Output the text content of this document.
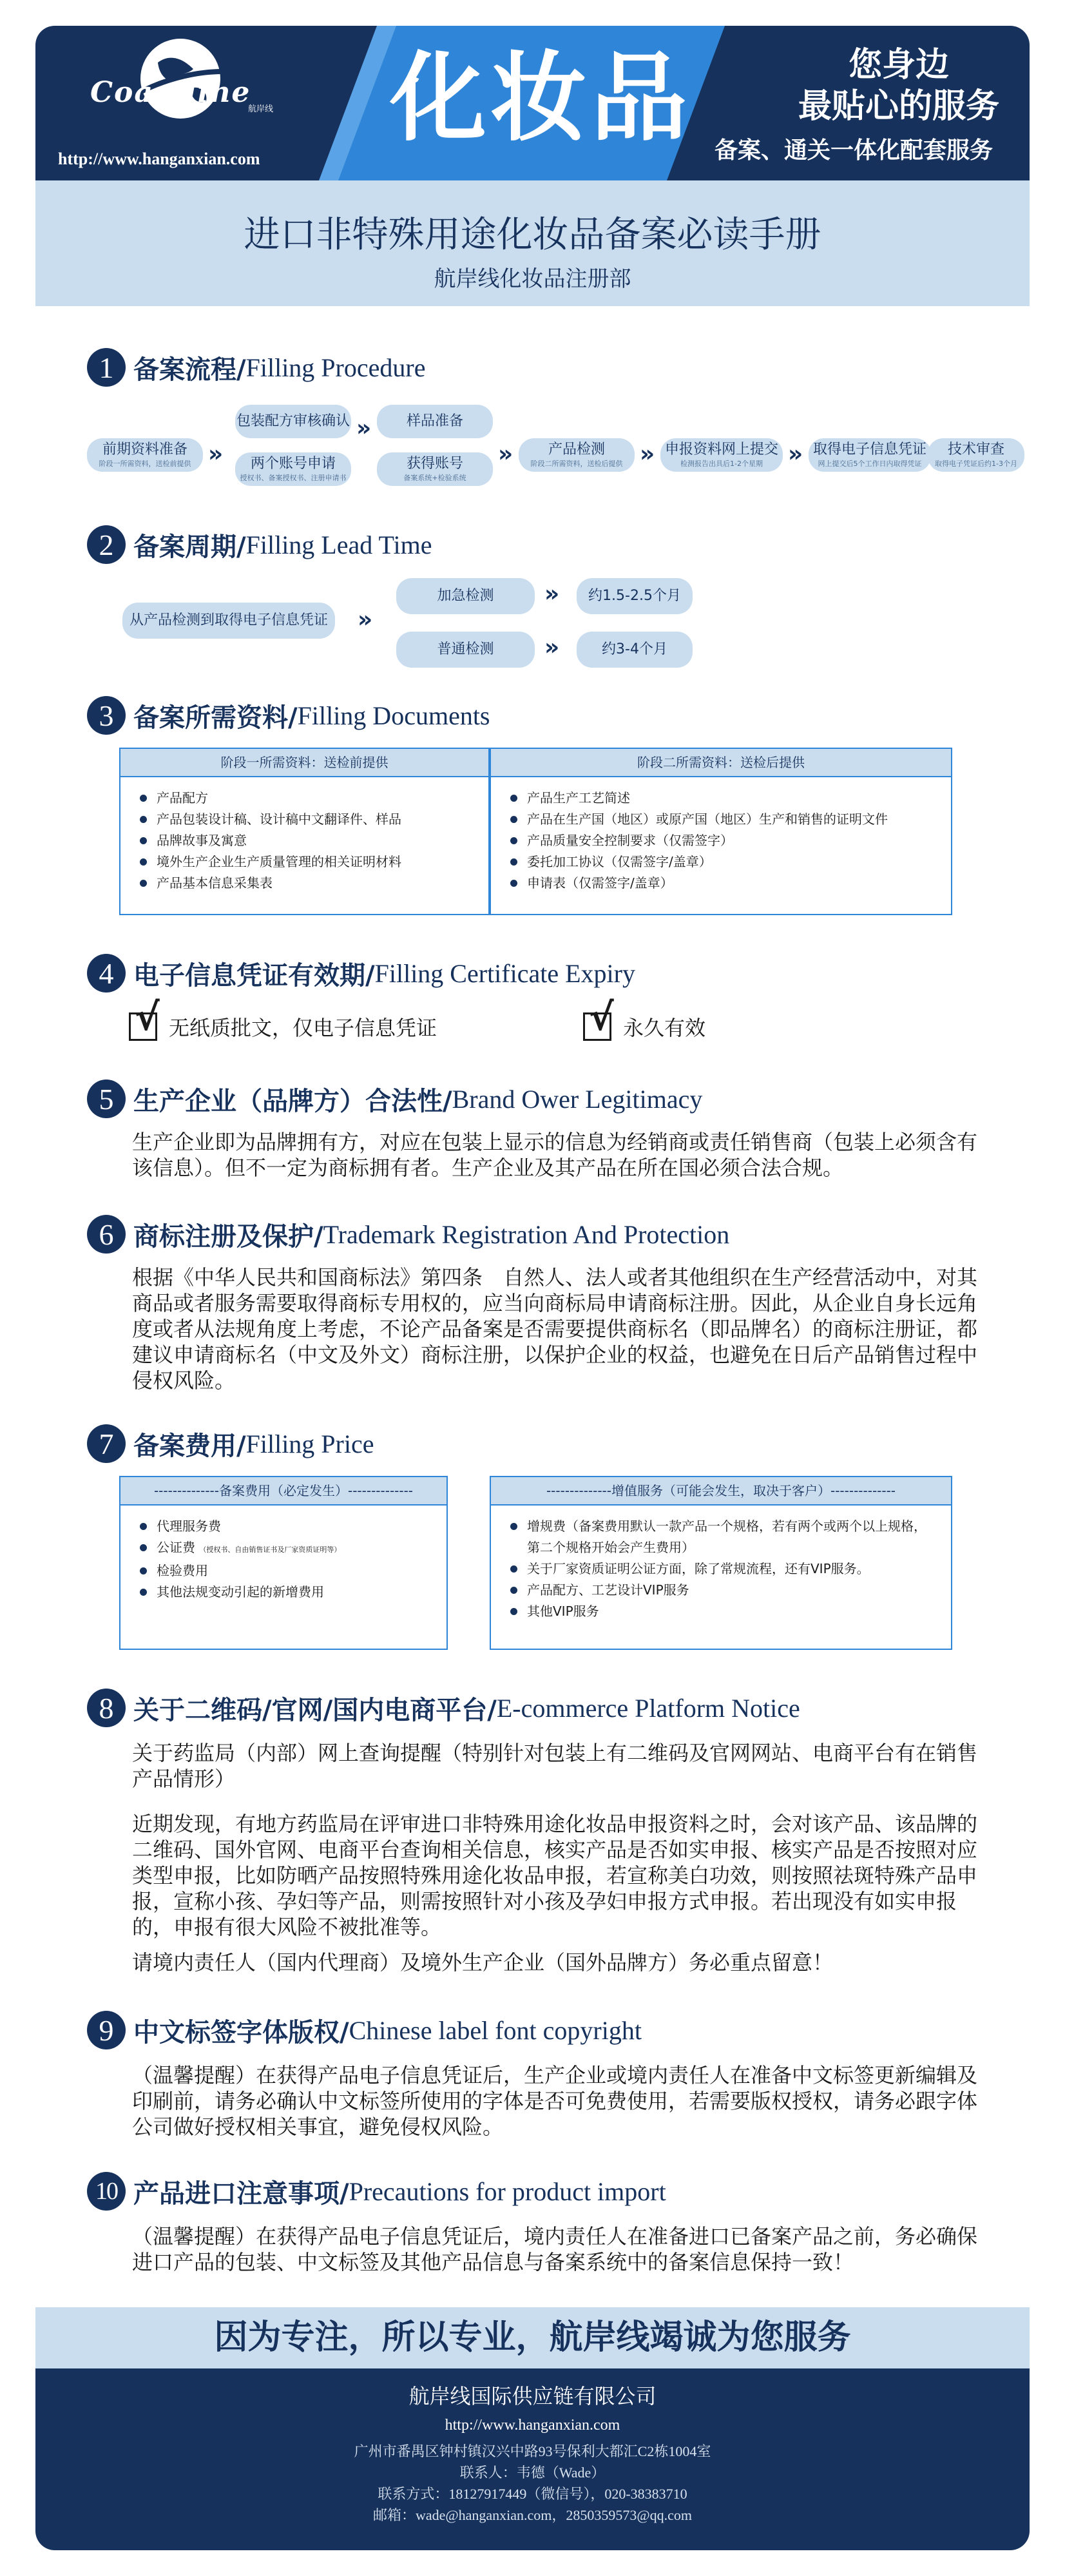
Coastline
航岸线
http://www.hanganxian.com
化妆品	您身边
最贴心的服务
备案、通关一体化配套服务
进口非特殊用途化妆品备案必读手册
航岸线化妆品注册部
1 备案流程/ Filling Procedure
前期资料准备
阶段一所需资料，送检前提供 »
包装配方审核确认
两个账号申请
授权书、备案授权书、注册申请书
» 样品准备
获得账号
备案系统+检验系统
» 产品检测
阶段二所需资料，送检后提供 » 申报资料网上提交
检测报告出具后1-2个星期 » 取得电子信息凭证
网上提交后5个工作日内取得凭证
技术审查
取得电子凭证后约1-3个月
2 备案周期/ Filling Lead Time
从产品检测到取得电子信息凭证 »
加急检测
普通检测
»
»
约1.5-2.5个月
约3-4个月
3 备案所需资料/ Filling Documents
阶段一所需资料：送检前提供
产品配方
产品包装设计稿、设计稿中文翻译件、样品
品牌故事及寓意
境外生产企业生产质量管理的相关证明材料
产品基本信息采集表
阶段二所需资料：送检后提供
产品生产工艺简述
产品在生产国（地区）或原产国（地区）生产和销售的证明文件
产品质量安全控制要求（仅需签字）
委托加工协议（仅需签字/盖章）
申请表（仅需签字/盖章）
4 电子信息凭证有效期/ Filling Certificate Expiry
√ 无纸质批文，仅电子信息凭证	√ 永久有效
5 生产企业（品牌方）合法性/ Brand Ower Legitimacy
生产企业即为品牌拥有方，对应在包装上显示的信息为经销商或责任销售商（包装上必须含有该信息）。但不一定为商标拥有者。生产企业及其产品在所在国必须合法合规。
6 商标注册及保护/ Trademark Registration And Protection
根据《中华人民共和国商标法》第四条　自然人、法人或者其他组织在生产经营活动中，对其商品或者服务需要取得商标专用权的，应当向商标局申请商标注册。因此，从企业自身长远角度或者从法规角度上考虑，不论产品备案是否需要提供商标名（即品牌名）的商标注册证，都建议申请商标名（中文及外文）商标注册，以保护企业的权益，也避免在日后产品销售过程中侵权风险。
7 备案费用/ Filling Price
--------------备案费用（必定发生）--------------
代理服务费
公证费 （授权书、自由销售证书及厂家资质证明等）
检验费用
其他法规变动引起的新增费用
--------------增值服务（可能会发生，取决于客户）--------------
增规费（备案费用默认一款产品一个规格，若有两个或两个以上规格，第二个规格开始会产生费用）
关于厂家资质证明公证方面，除了常规流程，还有VIP服务。
产品配方、工艺设计VIP服务
其他VIP服务
8 关于二维码/官网/国内电商平台/ E-commerce Platform Notice
关于药监局（内部）网上查询提醒（特别针对包装上有二维码及官网网站、电商平台有在销售产品情形）
近期发现，有地方药监局在评审进口非特殊用途化妆品申报资料之时，会对该产品、该品牌的二维码、国外官网、电商平台查询相关信息，核实产品是否如实申报、核实产品是否按照对应类型申报，比如防晒产品按照特殊用途化妆品申报，若宣称美白功效，则按照祛斑特殊产品申报，宣称小孩、孕妇等产品，则需按照针对小孩及孕妇申报方式申报。若出现没有如实申报的，申报有很大风险不被批准等。
请境内责任人（国内代理商）及境外生产企业（国外品牌方）务必重点留意！
9 中文标签字体版权/ Chinese label font copyright
（温馨提醒）在获得产品电子信息凭证后，生产企业或境内责任人在准备中文标签更新编辑及印刷前，请务必确认中文标签所使用的字体是否可免费使用，若需要版权授权，请务必跟字体公司做好授权相关事宜，避免侵权风险。
10 产品进口注意事项/ Precautions for product import
（温馨提醒）在获得产品电子信息凭证后，境内责任人在准备进口已备案产品之前，务必确保进口产品的包装、中文标签及其他产品信息与备案系统中的备案信息保持一致！
因为专注，所以专业，航岸线竭诚为您服务
航岸线国际供应链有限公司
http://www.hanganxian.com
广州市番禺区钟村镇汉兴中路93号保利大都汇C2栋1004室
联系人：韦德（Wade）
联系方式：18127917449（微信号），020-38383710
邮箱：wade@hanganxian.com，2850359573@qq.com
